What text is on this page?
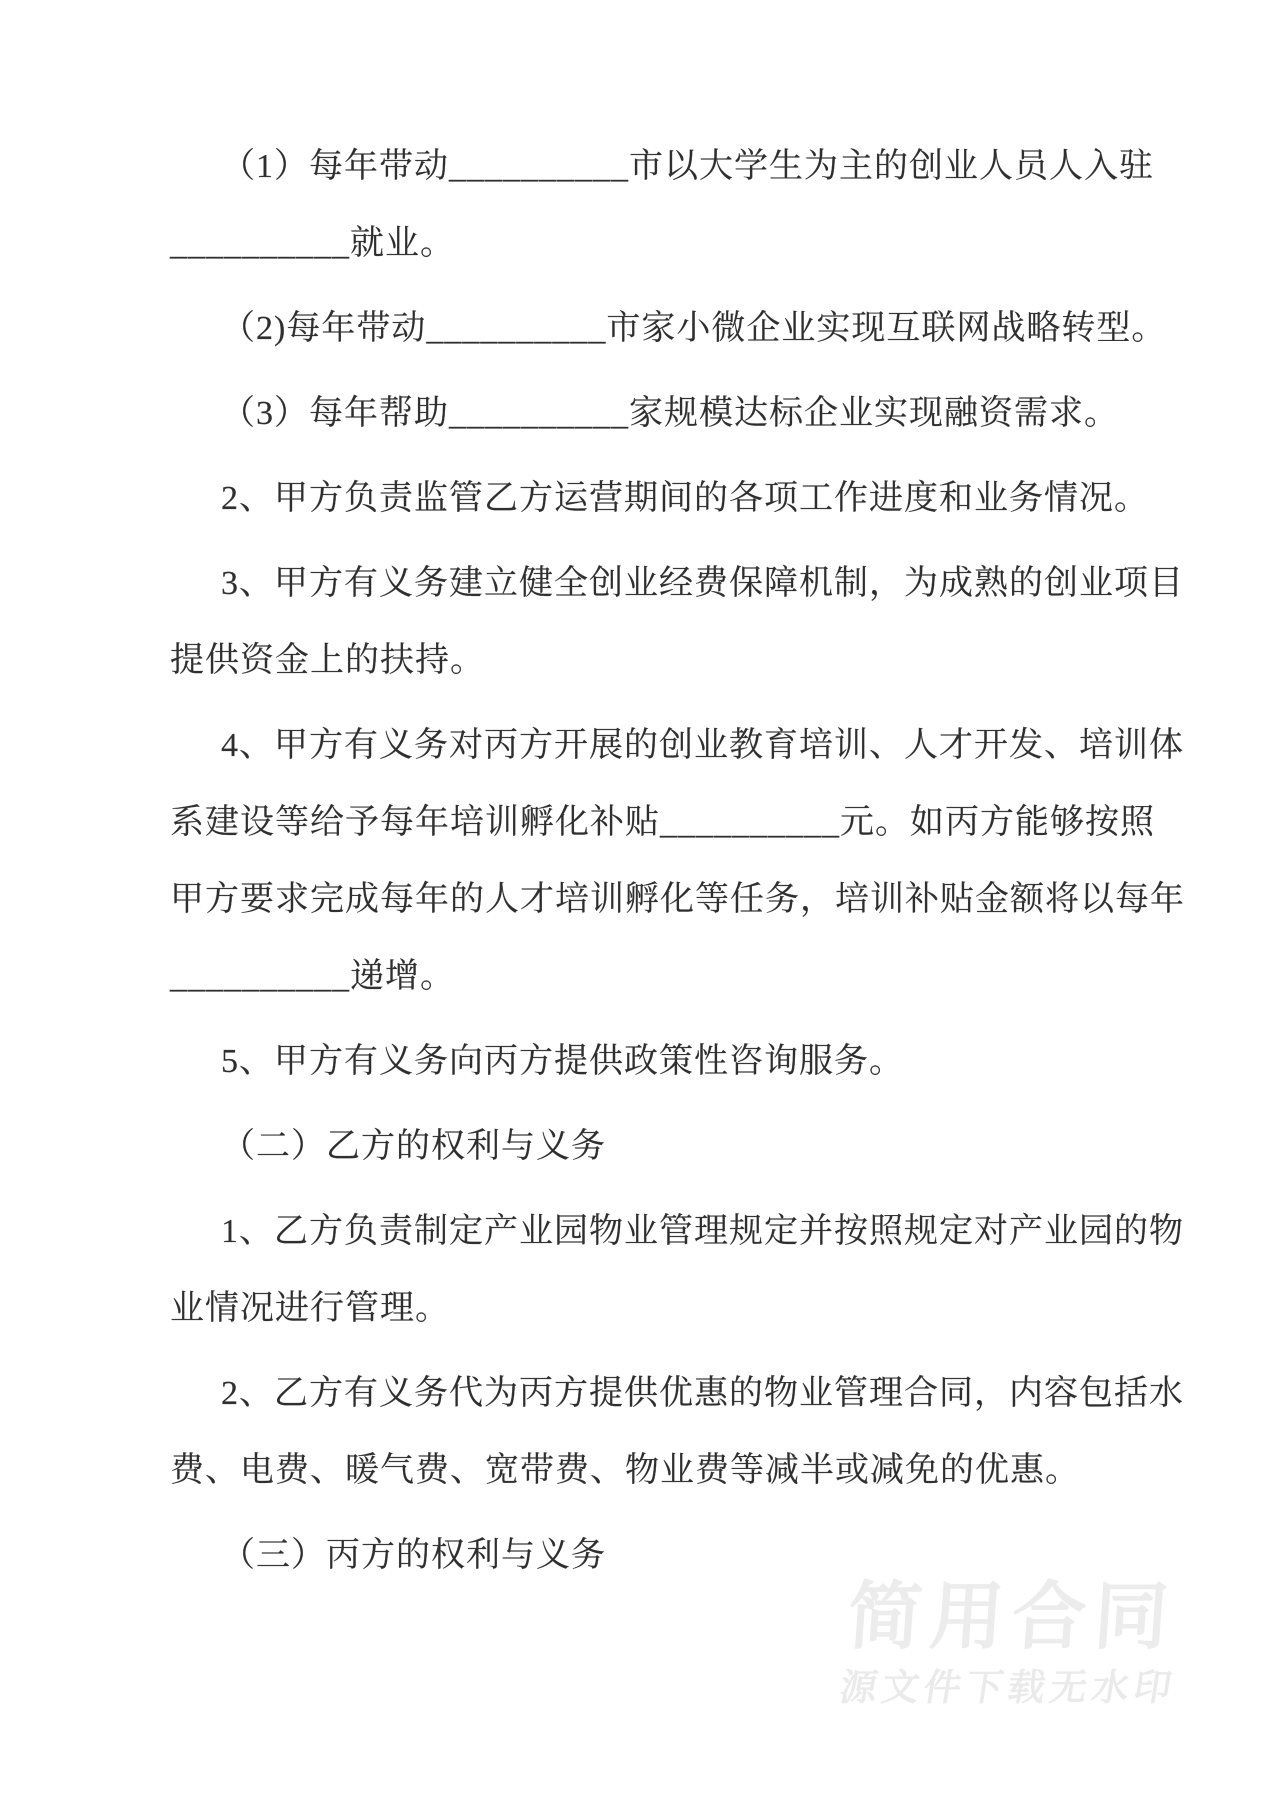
（1）每年带动__________市以大学生为主的创业人员人入驻
__________就业。
（2)每年带动__________市家小微企业实现互联网战略转型。
（3）每年帮助__________家规模达标企业实现融资需求。
2、甲方负责监管乙方运营期间的各项工作进度和业务情况。
3、甲方有义务建立健全创业经费保障机制，为成熟的创业项目
提供资金上的扶持。
4、甲方有义务对丙方开展的创业教育培训、人才开发、培训体
系建设等给予每年培训孵化补贴__________元。如丙方能够按照
甲方要求完成每年的人才培训孵化等任务，培训补贴金额将以每年
__________递增。
5、甲方有义务向丙方提供政策性咨询服务。
（二）乙方的权利与义务
1、乙方负责制定产业园物业管理规定并按照规定对产业园的物
业情况进行管理。
2、乙方有义务代为丙方提供优惠的物业管理合同，内容包括水
费、电费、暖气费、宽带费、物业费等减半或减免的优惠。
（三）丙方的权利与义务
简用合同
源文件下载无水印
